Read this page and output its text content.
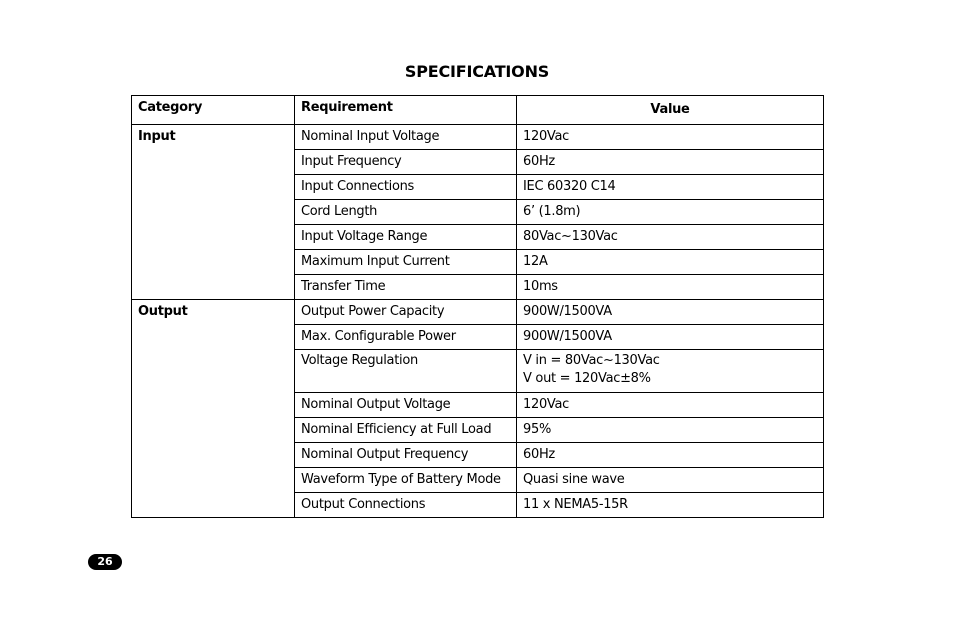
SPECIFICATIONS
Category	Requirement	Value
Input	Nominal Input Voltage	120Vac

	Input Frequency	60Hz

	Input Connections	IEC 60320 C14

	Cord Length	6’ (1.8m)

	Input Voltage Range	80Vac~130Vac

	Maximum Input Current	12A

	Transfer Time	10ms

Output	Output Power Capacity	900W/1500VA

	Max. Configurable Power	900W/1500VA

	Voltage Regulation	V in = 80Vac~130Vac
V out = 120Vac±8%

	Nominal Output Voltage	120Vac

	Nominal Efficiency at Full Load	95%

	Nominal Output Frequency	60Hz

	Waveform Type of Battery Mode	Quasi sine wave

	Output Connections	11 x NEMA5-15R
26
